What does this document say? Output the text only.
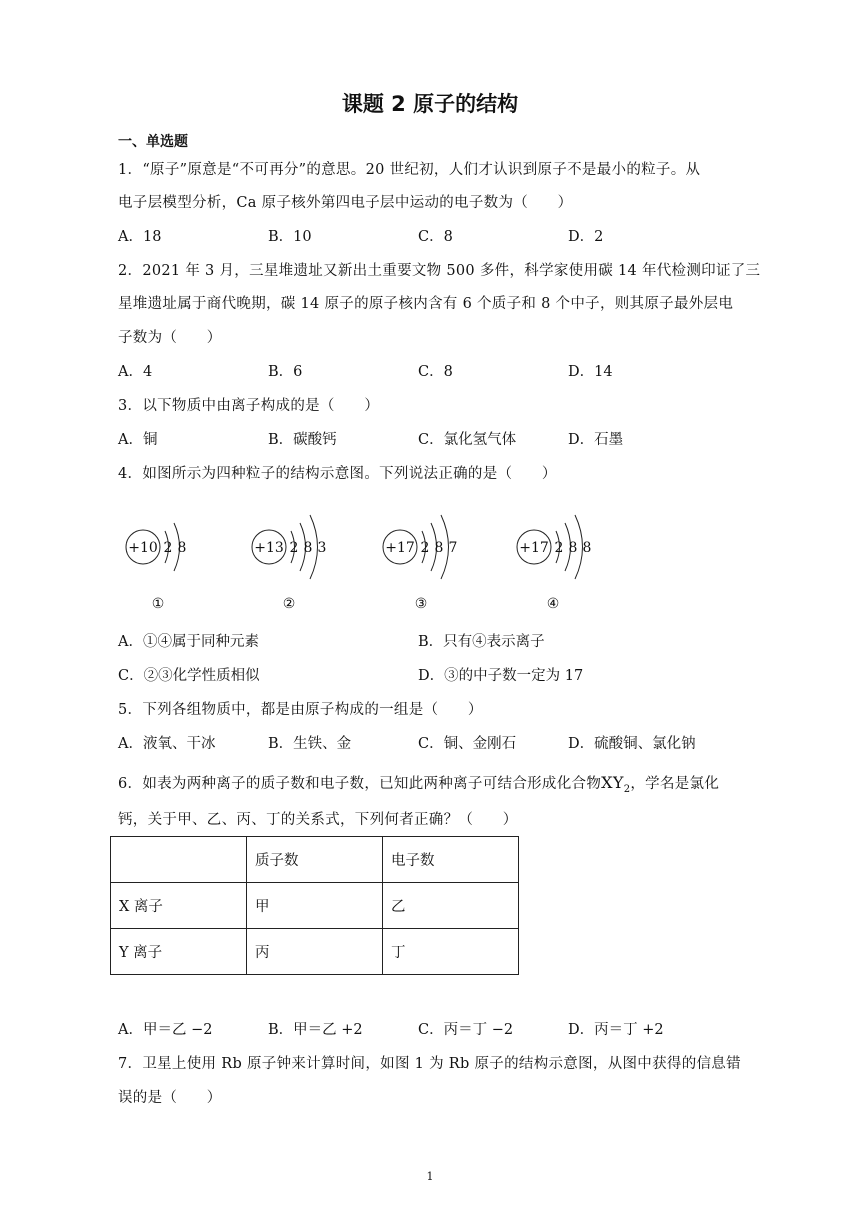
课题 2 原子的结构
一、单选题
1．“原子”原意是“不可再分”的意思。20 世纪初，人们才认识到原子不是最小的粒子。从
电子层模型分析，Ca 原子核外第四电子层中运动的电子数为（　　）
A．18	B．10	C．8	D．2
2．2021 年 3 月，三星堆遗址又新出土重要文物 500 多件，科学家使用碳 14 年代检测印证了三
星堆遗址属于商代晚期，碳 14 原子的原子核内含有 6 个质子和 8 个中子，则其原子最外层电
子数为（　　）
A．4	B．6	C．8	D．14
3．以下物质中由离子构成的是（　　）
A．铜	B．碳酸钙	C．氯化氢气体	D．石墨
4．如图所示为四种粒子的结构示意图。下列说法正确的是（　　）
+10 2 8
①
+13 2 8 3
②
+17 2 8 7
③
+17 2 8 8
④
A．①④属于同种元素	B．只有④表示离子
C．②③化学性质相似	D．③的中子数一定为 17
5．下列各组物质中，都是由原子构成的一组是（　　）
A．液氧、干冰	B．生铁、金	C．铜、金刚石	D．硫酸铜、氯化钠
6．如表为两种离子的质子数和电子数，已知此两种离子可结合形成化合物$XY_2$，学名是氯化
钙，关于甲、乙、丙、丁的关系式，下列何者正确？（　　）
	质子数	电子数
X 离子	甲	乙
Y 离子	丙	丁
A．甲＝乙 −2	B．甲＝乙 +2	C．丙＝丁 −2	D．丙＝丁 +2
7．卫星上使用 Rb 原子钟来计算时间，如图 1 为 Rb 原子的结构示意图，从图中获得的信息错
误的是（　　）
1
